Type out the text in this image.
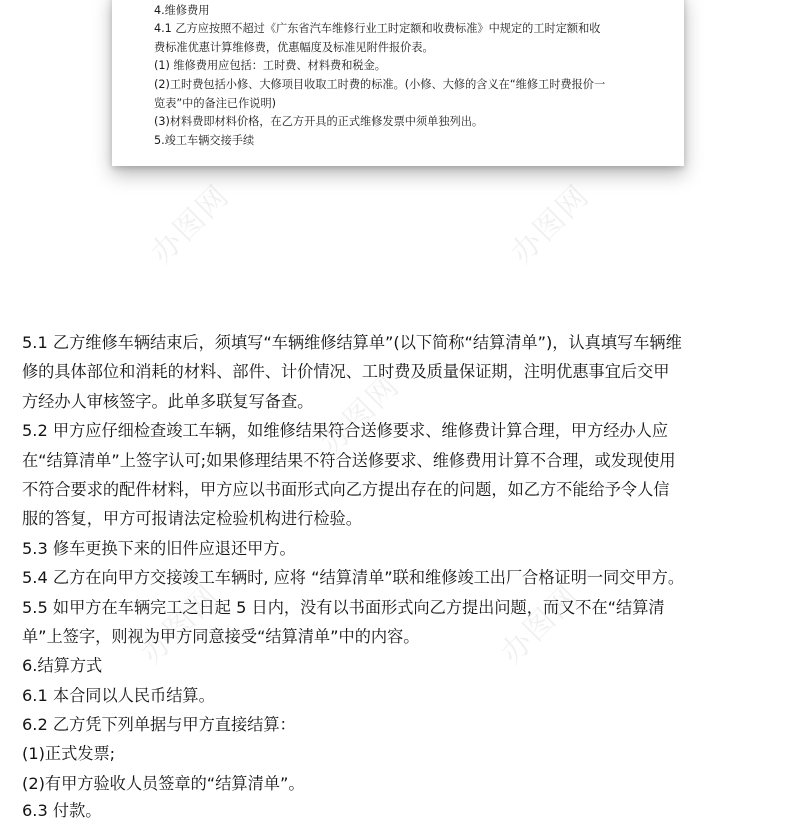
4.维修费用
4.1 乙方应按照不超过《广东省汽车维修行业工时定额和收费标准》中规定的工时定额和收
费标准优惠计算维修费，优惠幅度及标准见附件报价表。
(1) 维修费用应包括：工时费、材料费和税金。
(2)工时费包括小修、大修项目收取工时费的标准。(小修、大修的含义在“维修工时费报价一
览表”中的备注已作说明)
(3)材料费即材料价格，在乙方开具的正式维修发票中须单独列出。
5.竣工车辆交接手续
办图网	办图网
办图网
办图网	办图网
5.1 乙方维修车辆结束后，须填写“车辆维修结算单”(以下简称“结算清单”)，认真填写车辆维
修的具体部位和消耗的材料、部件、计价情况、工时费及质量保证期，注明优惠事宜后交甲
方经办人审核签字。此单多联复写备查。
5.2 甲方应仔细检查竣工车辆，如维修结果符合送修要求、维修费计算合理，甲方经办人应
在“结算清单”上签字认可;如果修理结果不符合送修要求、维修费用计算不合理，或发现使用
不符合要求的配件材料，甲方应以书面形式向乙方提出存在的问题，如乙方不能给予令人信
服的答复，甲方可报请法定检验机构进行检验。
5.3 修车更换下来的旧件应退还甲方。
5.4 乙方在向甲方交接竣工车辆时, 应将 “结算清单”联和维修竣工出厂合格证明一同交甲方。
5.5 如甲方在车辆完工之日起 5 日内，没有以书面形式向乙方提出问题，而又不在“结算清
单”上签字，则视为甲方同意接受“结算清单”中的内容。
6.结算方式
6.1 本合同以人民币结算。
6.2 乙方凭下列单据与甲方直接结算：
(1)正式发票;
(2)有甲方验收人员签章的“结算清单”。
6.3 付款。
